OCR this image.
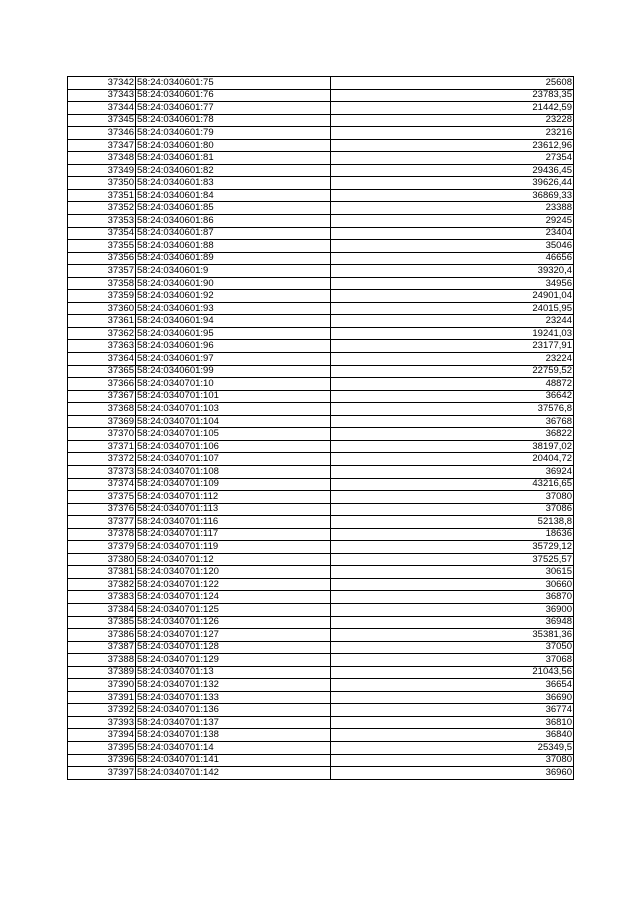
37342	58:24:0340601:75	25608
37343	58:24:0340601:76	23783,35
37344	58:24:0340601:77	21442,59
37345	58:24:0340601:78	23228
37346	58:24:0340601:79	23216
37347	58:24:0340601:80	23612,96
37348	58:24:0340601:81	27354
37349	58:24:0340601:82	29436,45
37350	58:24:0340601:83	39626,44
37351	58:24:0340601:84	36869,33
37352	58:24:0340601:85	23388
37353	58:24:0340601:86	29245
37354	58:24:0340601:87	23404
37355	58:24:0340601:88	35046
37356	58:24:0340601:89	46656
37357	58:24:0340601:9	39320,4
37358	58:24:0340601:90	34956
37359	58:24:0340601:92	24901,04
37360	58:24:0340601:93	24015,95
37361	58:24:0340601:94	23244
37362	58:24:0340601:95	19241,03
37363	58:24:0340601:96	23177,91
37364	58:24:0340601:97	23224
37365	58:24:0340601:99	22759,52
37366	58:24:0340701:10	48872
37367	58:24:0340701:101	36642
37368	58:24:0340701:103	37576,8
37369	58:24:0340701:104	36768
37370	58:24:0340701:105	36822
37371	58:24:0340701:106	38197,02
37372	58:24:0340701:107	20404,72
37373	58:24:0340701:108	36924
37374	58:24:0340701:109	43216,65
37375	58:24:0340701:112	37080
37376	58:24:0340701:113	37086
37377	58:24:0340701:116	52138,8
37378	58:24:0340701:117	18636
37379	58:24:0340701:119	35729,12
37380	58:24:0340701:12	37525,57
37381	58:24:0340701:120	30615
37382	58:24:0340701:122	30660
37383	58:24:0340701:124	36870
37384	58:24:0340701:125	36900
37385	58:24:0340701:126	36948
37386	58:24:0340701:127	35381,36
37387	58:24:0340701:128	37050
37388	58:24:0340701:129	37068
37389	58:24:0340701:13	21043,56
37390	58:24:0340701:132	36654
37391	58:24:0340701:133	36690
37392	58:24:0340701:136	36774
37393	58:24:0340701:137	36810
37394	58:24:0340701:138	36840
37395	58:24:0340701:14	25349,5
37396	58:24:0340701:141	37080
37397	58:24:0340701:142	36960
